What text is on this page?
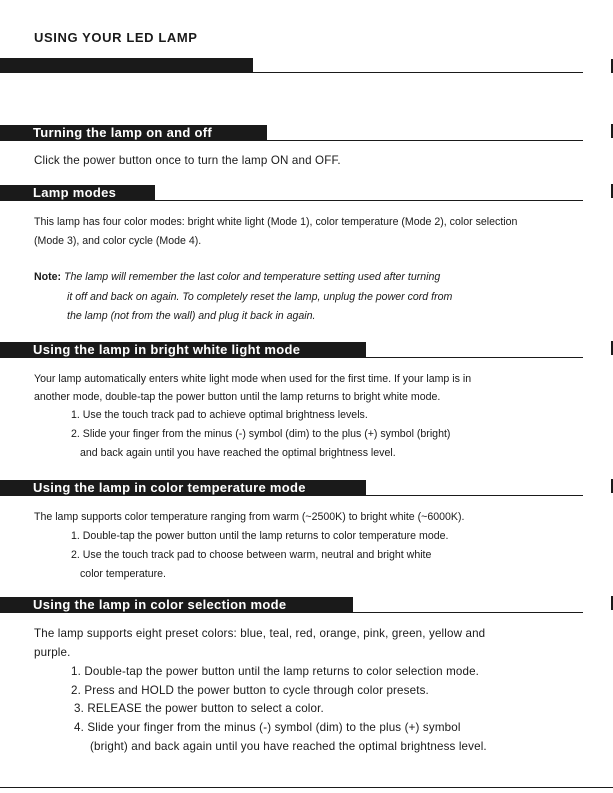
USING YOUR LED LAMP
Turning the lamp on and off
Click the power button once to turn the lamp ON and OFF.
Lamp modes
This lamp has four color modes: bright white light (Mode 1), color temperature (Mode 2), color selection
(Mode 3), and color cycle (Mode 4).
Note: The lamp will remember the last color and temperature setting used after turning
it off and back on again. To completely reset the lamp, unplug the power cord from
the lamp (not from the wall) and plug it back in again.
Using the lamp in bright white light mode
Your lamp automatically enters white light mode when used for the first time. If your lamp is in
another mode, double-tap the power button until the lamp returns to bright white mode.
1. Use the touch track pad to achieve optimal brightness levels.
2. Slide your finger from the minus (-) symbol (dim) to the plus (+) symbol (bright)
and back again until you have reached the optimal brightness level.
Using the lamp in color temperature mode
The lamp supports color temperature ranging from warm (~2500K) to bright white (~6000K).
1. Double-tap the power button until the lamp returns to color temperature mode.
2. Use the touch track pad to choose between warm, neutral and bright white
color temperature.
Using the lamp in color selection mode
The lamp supports eight preset colors: blue, teal, red, orange, pink, green, yellow and
purple.
1. Double-tap the power button until the lamp returns to color selection mode.
2. Press and HOLD the power button to cycle through color presets.
3. RELEASE the power button to select a color.
4. Slide your finger from the minus (-) symbol (dim) to the plus (+) symbol
(bright) and back again until you have reached the optimal brightness level.
